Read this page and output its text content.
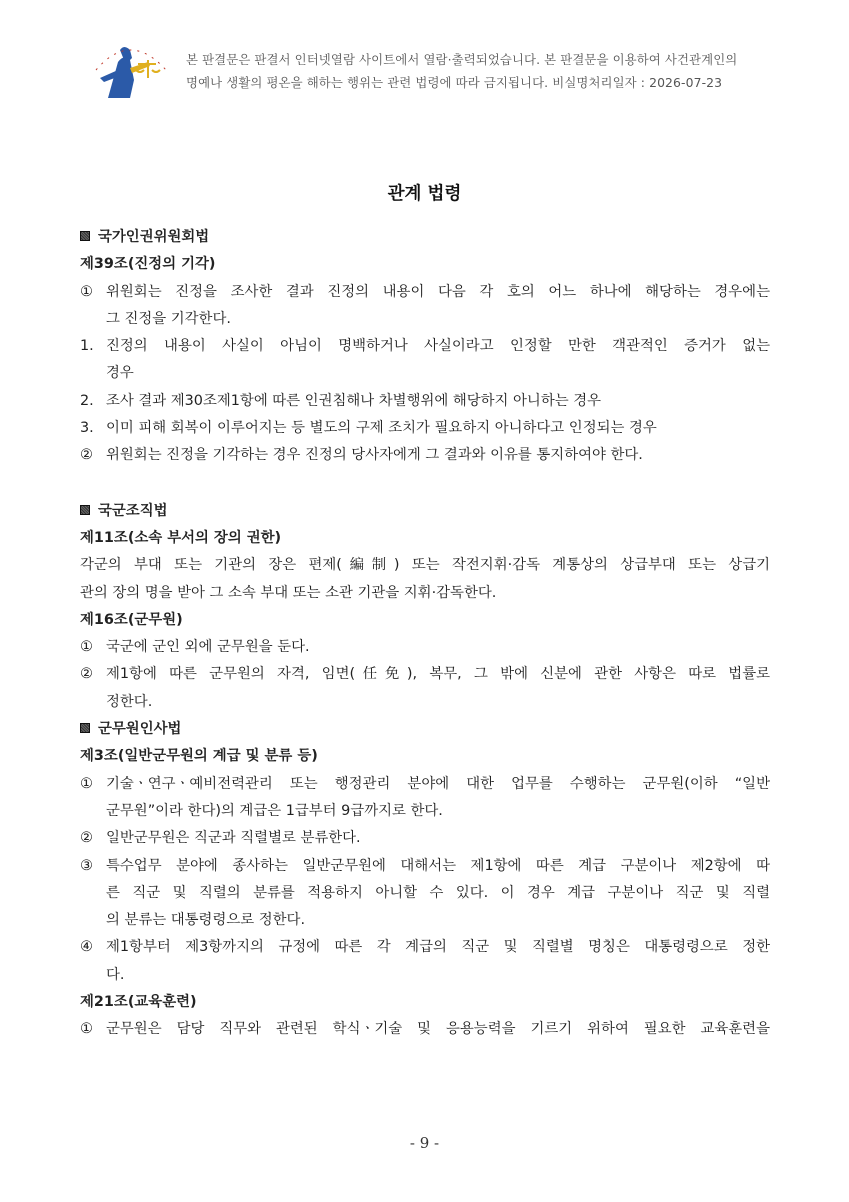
본 판결문은 판결서 인터넷열람 사이트에서 열람·출력되었습니다. 본 판결문을 이용하여 사건관계인의
명예나 생활의 평온을 해하는 행위는 관련 법령에 따라 금지됩니다. 비실명처리일자 : 2026-07-23
관계 법령
국가인권위원회법
제39조(진정의 기각)
① 위원회는 진정을 조사한 결과 진정의 내용이 다음 각 호의 어느 하나에 해당하는 경우에는
그 진정을 기각한다.
1. 진정의 내용이 사실이 아님이 명백하거나 사실이라고 인정할 만한 객관적인 증거가 없는
경우
2. 조사 결과 제30조제1항에 따른 인권침해나 차별행위에 해당하지 아니하는 경우
3. 이미 피해 회복이 이루어지는 등 별도의 구제 조치가 필요하지 아니하다고 인정되는 경우
② 위원회는 진정을 기각하는 경우 진정의 당사자에게 그 결과와 이유를 통지하여야 한다.
국군조직법
제11조(소속 부서의 장의 권한)
각군의 부대 또는 기관의 장은 편제(編制) 또는 작전지휘·감독 계통상의 상급부대 또는 상급기
관의 장의 명을 받아 그 소속 부대 또는 소관 기관을 지휘·감독한다.
제16조(군무원)
① 국군에 군인 외에 군무원을 둔다.
② 제1항에 따른 군무원의 자격, 임면(任免), 복무, 그 밖에 신분에 관한 사항은 따로 법률로
정한다.
군무원인사법
제3조(일반군무원의 계급 및 분류 등)
① 기술ㆍ연구ㆍ예비전력관리 또는 행정관리 분야에 대한 업무를 수행하는 군무원(이하 “일반
군무원”이라 한다)의 계급은 1급부터 9급까지로 한다.
② 일반군무원은 직군과 직렬별로 분류한다.
③ 특수업무 분야에 종사하는 일반군무원에 대해서는 제1항에 따른 계급 구분이나 제2항에 따
른 직군 및 직렬의 분류를 적용하지 아니할 수 있다. 이 경우 계급 구분이나 직군 및 직렬
의 분류는 대통령령으로 정한다.
④ 제1항부터 제3항까지의 규정에 따른 각 계급의 직군 및 직렬별 명칭은 대통령령으로 정한
다.
제21조(교육훈련)
① 군무원은 담당 직무와 관련된 학식ㆍ기술 및 응용능력을 기르기 위하여 필요한 교육훈련을
- 9 -
